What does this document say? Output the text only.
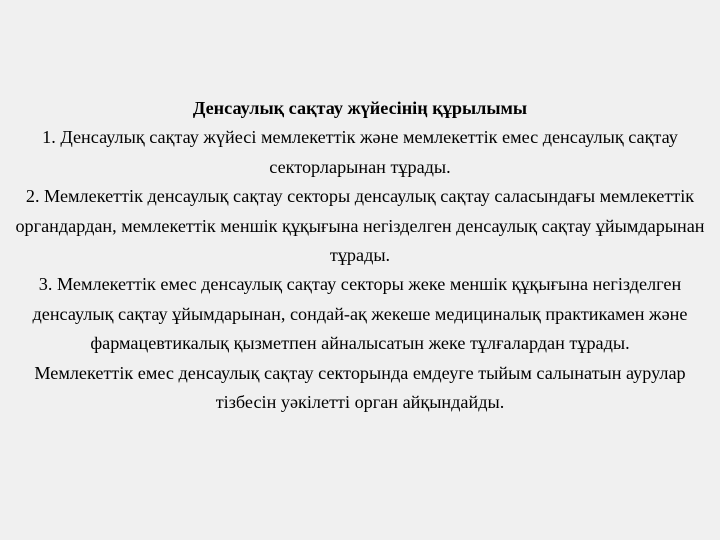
Денсаулық сақтау жүйесінің құрылымы
1. Денсаулық сақтау жүйесі мемлекеттік және мемлекеттік емес денсаулық сақтау секторларынан тұрады.
2. Мемлекеттік денсаулық сақтау секторы денсаулық сақтау саласындағы мемлекеттік органдардан, мемлекеттік меншік құқығына негізделген денсаулық сақтау ұйымдарынан тұрады.
3. Мемлекеттік емес денсаулық сақтау секторы жеке меншік құқығына негізделген денсаулық сақтау ұйымдарынан, сондай-ақ жекеше медициналық практикамен және фармацевтикалық қызметпен айналысатын жеке тұлғалардан тұрады.
Мемлекеттік емес денсаулық сақтау секторында емдеуге тыйым салынатын аурулар тізбесін уәкілетті орган айқындайды.
